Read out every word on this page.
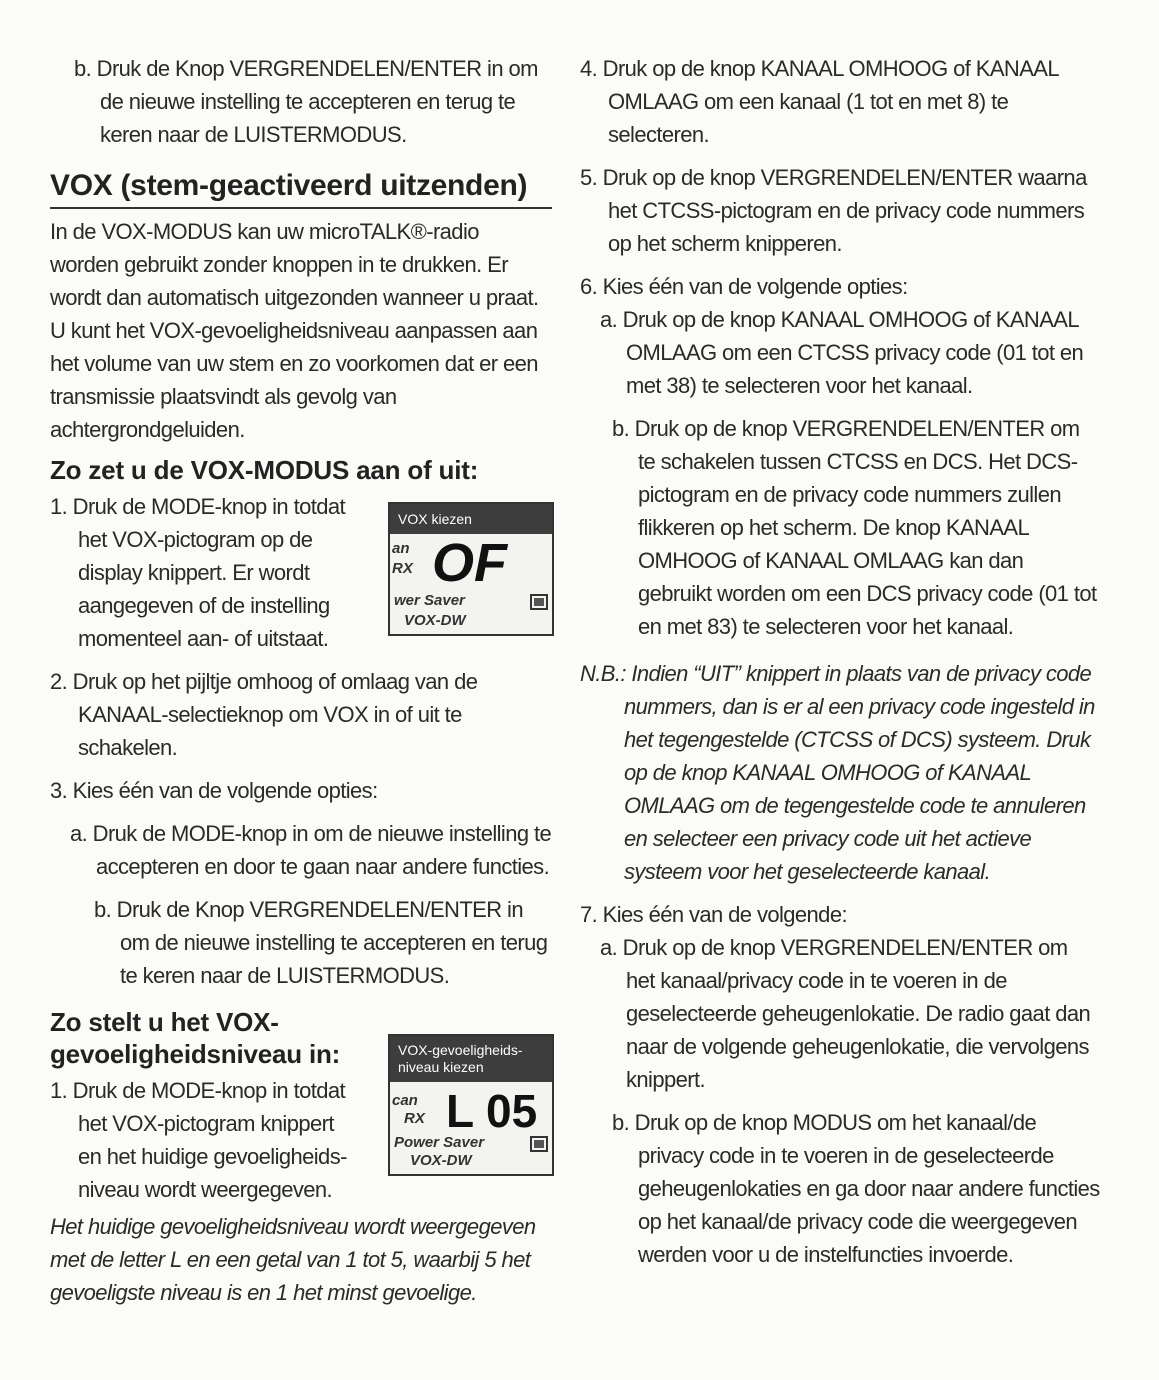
b. Druk de Knop VERGRENDELEN/ENTER in om de nieuwe instelling te accepteren en terug te keren naar de LUISTERMODUS.

VOX (stem-geactiveerd uitzenden)

In de VOX-MODUS kan uw microTALK®-radio worden gebruikt zonder knoppen in te drukken. Er wordt dan automatisch uitgezonden wanneer u praat. U kunt het VOX-gevoeligheidsniveau aanpassen aan het volume van uw stem en zo voorkomen dat er een transmissie plaatsvindt als gevolg van achtergrondgeluiden.

Zo zet u de VOX-MODUS aan of uit:

1. Druk de MODE-knop in totdat het VOX-pictogram op de display knippert. Er wordt aangegeven of de instelling momenteel aan- of uitstaat.

2. Druk op het pijltje omhoog of omlaag van de KANAAL-selectieknop om VOX in of uit te schakelen.

3. Kies één van de volgende opties:

a. Druk de MODE-knop in om de nieuwe instelling te accepteren en door te gaan naar andere functies.

b. Druk de Knop VERGRENDELEN/ENTER in om de nieuwe instelling te accepteren en terug te keren naar de LUISTERMODUS.

Zo stelt u het VOX-gevoeligheidsniveau in:

1. Druk de MODE-knop in totdat het VOX-pictogram knippert en het huidige gevoeligheids-niveau wordt weergegeven.

Het huidige gevoeligheidsniveau wordt weergegeven met de letter L en een getal van 1 tot 5, waarbij 5 het gevoeligste niveau is en 1 het minst gevoelige.

VOX kiezen
an
RX OF
wer Saver
VOX-DW
VOX-gevoeligheids-niveau kiezen
can
RX L 05
Power Saver
VOX-DW

4. Druk op de knop KANAAL OMHOOG of KANAAL OMLAAG om een kanaal (1 tot en met 8) te selecteren.

5. Druk op de knop VERGRENDELEN/ENTER waarna het CTCSS-pictogram en de privacy code nummers op het scherm knipperen.

6. Kies één van de volgende opties:

a. Druk op de knop KANAAL OMHOOG of KANAAL OMLAAG om een CTCSS privacy code (01 tot en met 38) te selecteren voor het kanaal.

b. Druk op de knop VERGRENDELEN/ENTER om te schakelen tussen CTCSS en DCS. Het DCS-pictogram en de privacy code nummers zullen flikkeren op het scherm. De knop KANAAL OMHOOG of KANAAL OMLAAG kan dan gebruikt worden om een DCS privacy code (01 tot en met 83) te selecteren voor het kanaal.

N.B.: Indien “UIT” knippert in plaats van de privacy code nummers, dan is er al een privacy code ingesteld in het tegengestelde (CTCSS of DCS) systeem. Druk op de knop KANAAL OMHOOG of KANAAL OMLAAG om de tegengestelde code te annuleren en selecteer een privacy code uit het actieve systeem voor het geselecteerde kanaal.

7. Kies één van de volgende:

a. Druk op de knop VERGRENDELEN/ENTER om het kanaal/privacy code in te voeren in de geselecteerde geheugenlokatie. De radio gaat dan naar de volgende geheugenlokatie, die vervolgens knippert.

b. Druk op de knop MODUS om het kanaal/de privacy code in te voeren in de geselecteerde geheugenlokaties en ga door naar andere functies op het kanaal/de privacy code die weergegeven werden voor u de instelfuncties invoerde.
